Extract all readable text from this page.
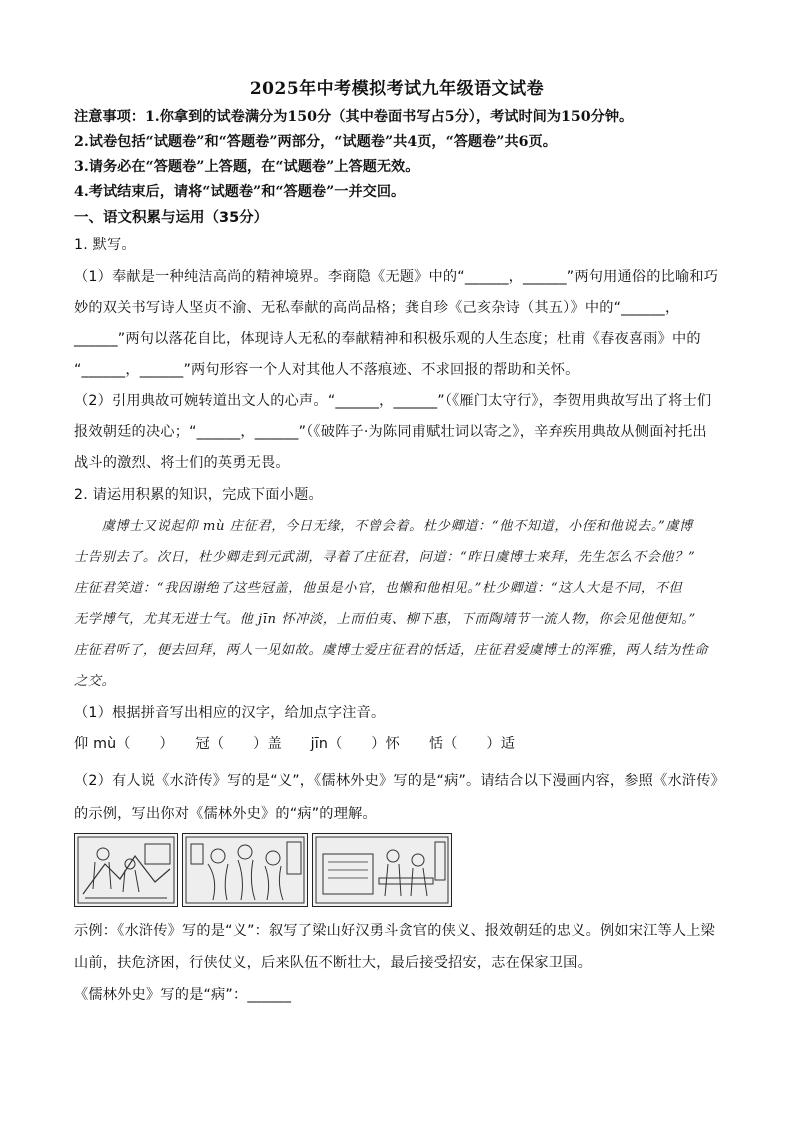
2025年中考模拟考试九年级语文试卷
注意事项：1.你拿到的试卷满分为150分（其中卷面书写占5分），考试时间为150分钟。
2.试卷包括“试题卷”和“答题卷”两部分，“试题卷”共4页，“答题卷”共6页。
3.请务必在“答题卷”上答题，在“试题卷”上答题无效。
4.考试结束后，请将“试题卷”和“答题卷”一并交回。
一、语文积累与运用（35分）
1. 默写。
（1）奉献是一种纯洁高尚的精神境界。李商隐《无题》中的“______，______”两句用通俗的比喻和巧
妙的双关书写诗人坚贞不渝、无私奉献的高尚品格；龚自珍《己亥杂诗（其五）》中的“______，
______”两句以落花自比，体现诗人无私的奉献精神和积极乐观的人生态度；杜甫《春夜喜雨》中的
“______，______”两句形容一个人对其他人不落痕迹、不求回报的帮助和关怀。
（2）引用典故可婉转道出文人的心声。“______，______”（《雁门太守行》，李贺用典故写出了将士们
报效朝廷的决心；“______，______”（《破阵子·为陈同甫赋壮词以寄之》，辛弃疾用典故从侧面衬托出
战斗的激烈、将士们的英勇无畏。
2. 请运用积累的知识，完成下面小题。
　　虞博士又说起仰 mù 庄征君，今日无缘，不曾会着。杜少卿道：“他不知道，小侄和他说去。”虞博
士告别去了。次日，杜少卿走到元武湖，寻着了庄征君，问道：“昨日虞博士来拜，先生怎么不会他？”
庄征君笑道：“我因谢绝了这些冠盖，他虽是小官，也懒和他相见。”杜少卿道：“这人大是不同，不但
无学博气，尤其无进士气。他 jīn 怀冲淡，上而伯夷、柳下惠，下而陶靖节一流人物，你会见他便知。”
庄征君听了，便去回拜，两人一见如故。虞博士爱庄征君的恬适，庄征君爱虞博士的浑雅，两人结为性命
之交。
（1）根据拼音写出相应的汉字，给加点字注音。
仰 mù（　　）　　冠（　　）盖　　jīn（　　）怀　　恬（　　）适
（2）有人说《水浒传》写的是“义”，《儒林外史》写的是“病”。请结合以下漫画内容，参照《水浒传》
的示例，写出你对《儒林外史》的“病”的理解。
示例：《水浒传》写的是“义”：叙写了梁山好汉勇斗贪官的侠义、报效朝廷的忠义。例如宋江等人上梁
山前，扶危济困，行侠仗义，后来队伍不断壮大，最后接受招安，志在保家卫国。
《儒林外史》写的是“病”：______
